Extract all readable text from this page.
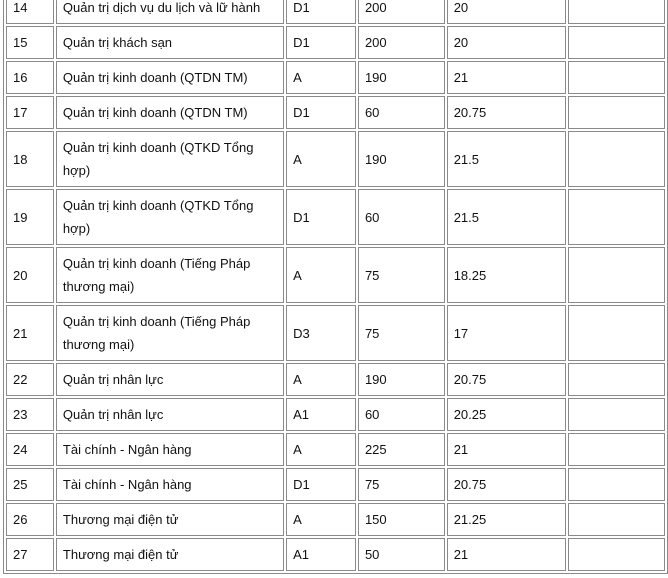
14	Quản trị dịch vụ du lịch và lữ hành	D1	200	20	
15	Quản trị khách sạn	D1	200	20	
16	Quản trị kinh doanh (QTDN TM)	A	190	21	
17	Quản trị kinh doanh (QTDN TM)	D1	60	20.75	
18	Quản trị kinh doanh (QTKD Tổng hợp)	A	190	21.5	
19	Quản trị kinh doanh (QTKD Tổng hợp)	D1	60	21.5	
20	Quản trị kinh doanh (Tiếng Pháp thương mại)	A	75	18.25	
21	Quản trị kinh doanh (Tiếng Pháp thương mại)	D3	75	17	
22	Quản trị nhân lực	A	190	20.75	
23	Quản trị nhân lực	A1	60	20.25	
24	Tài chính - Ngân hàng	A	225	21	
25	Tài chính - Ngân hàng	D1	75	20.75	
26	Thương mại điện tử	A	150	21.25	
27	Thương mại điện tử	A1	50	21	
